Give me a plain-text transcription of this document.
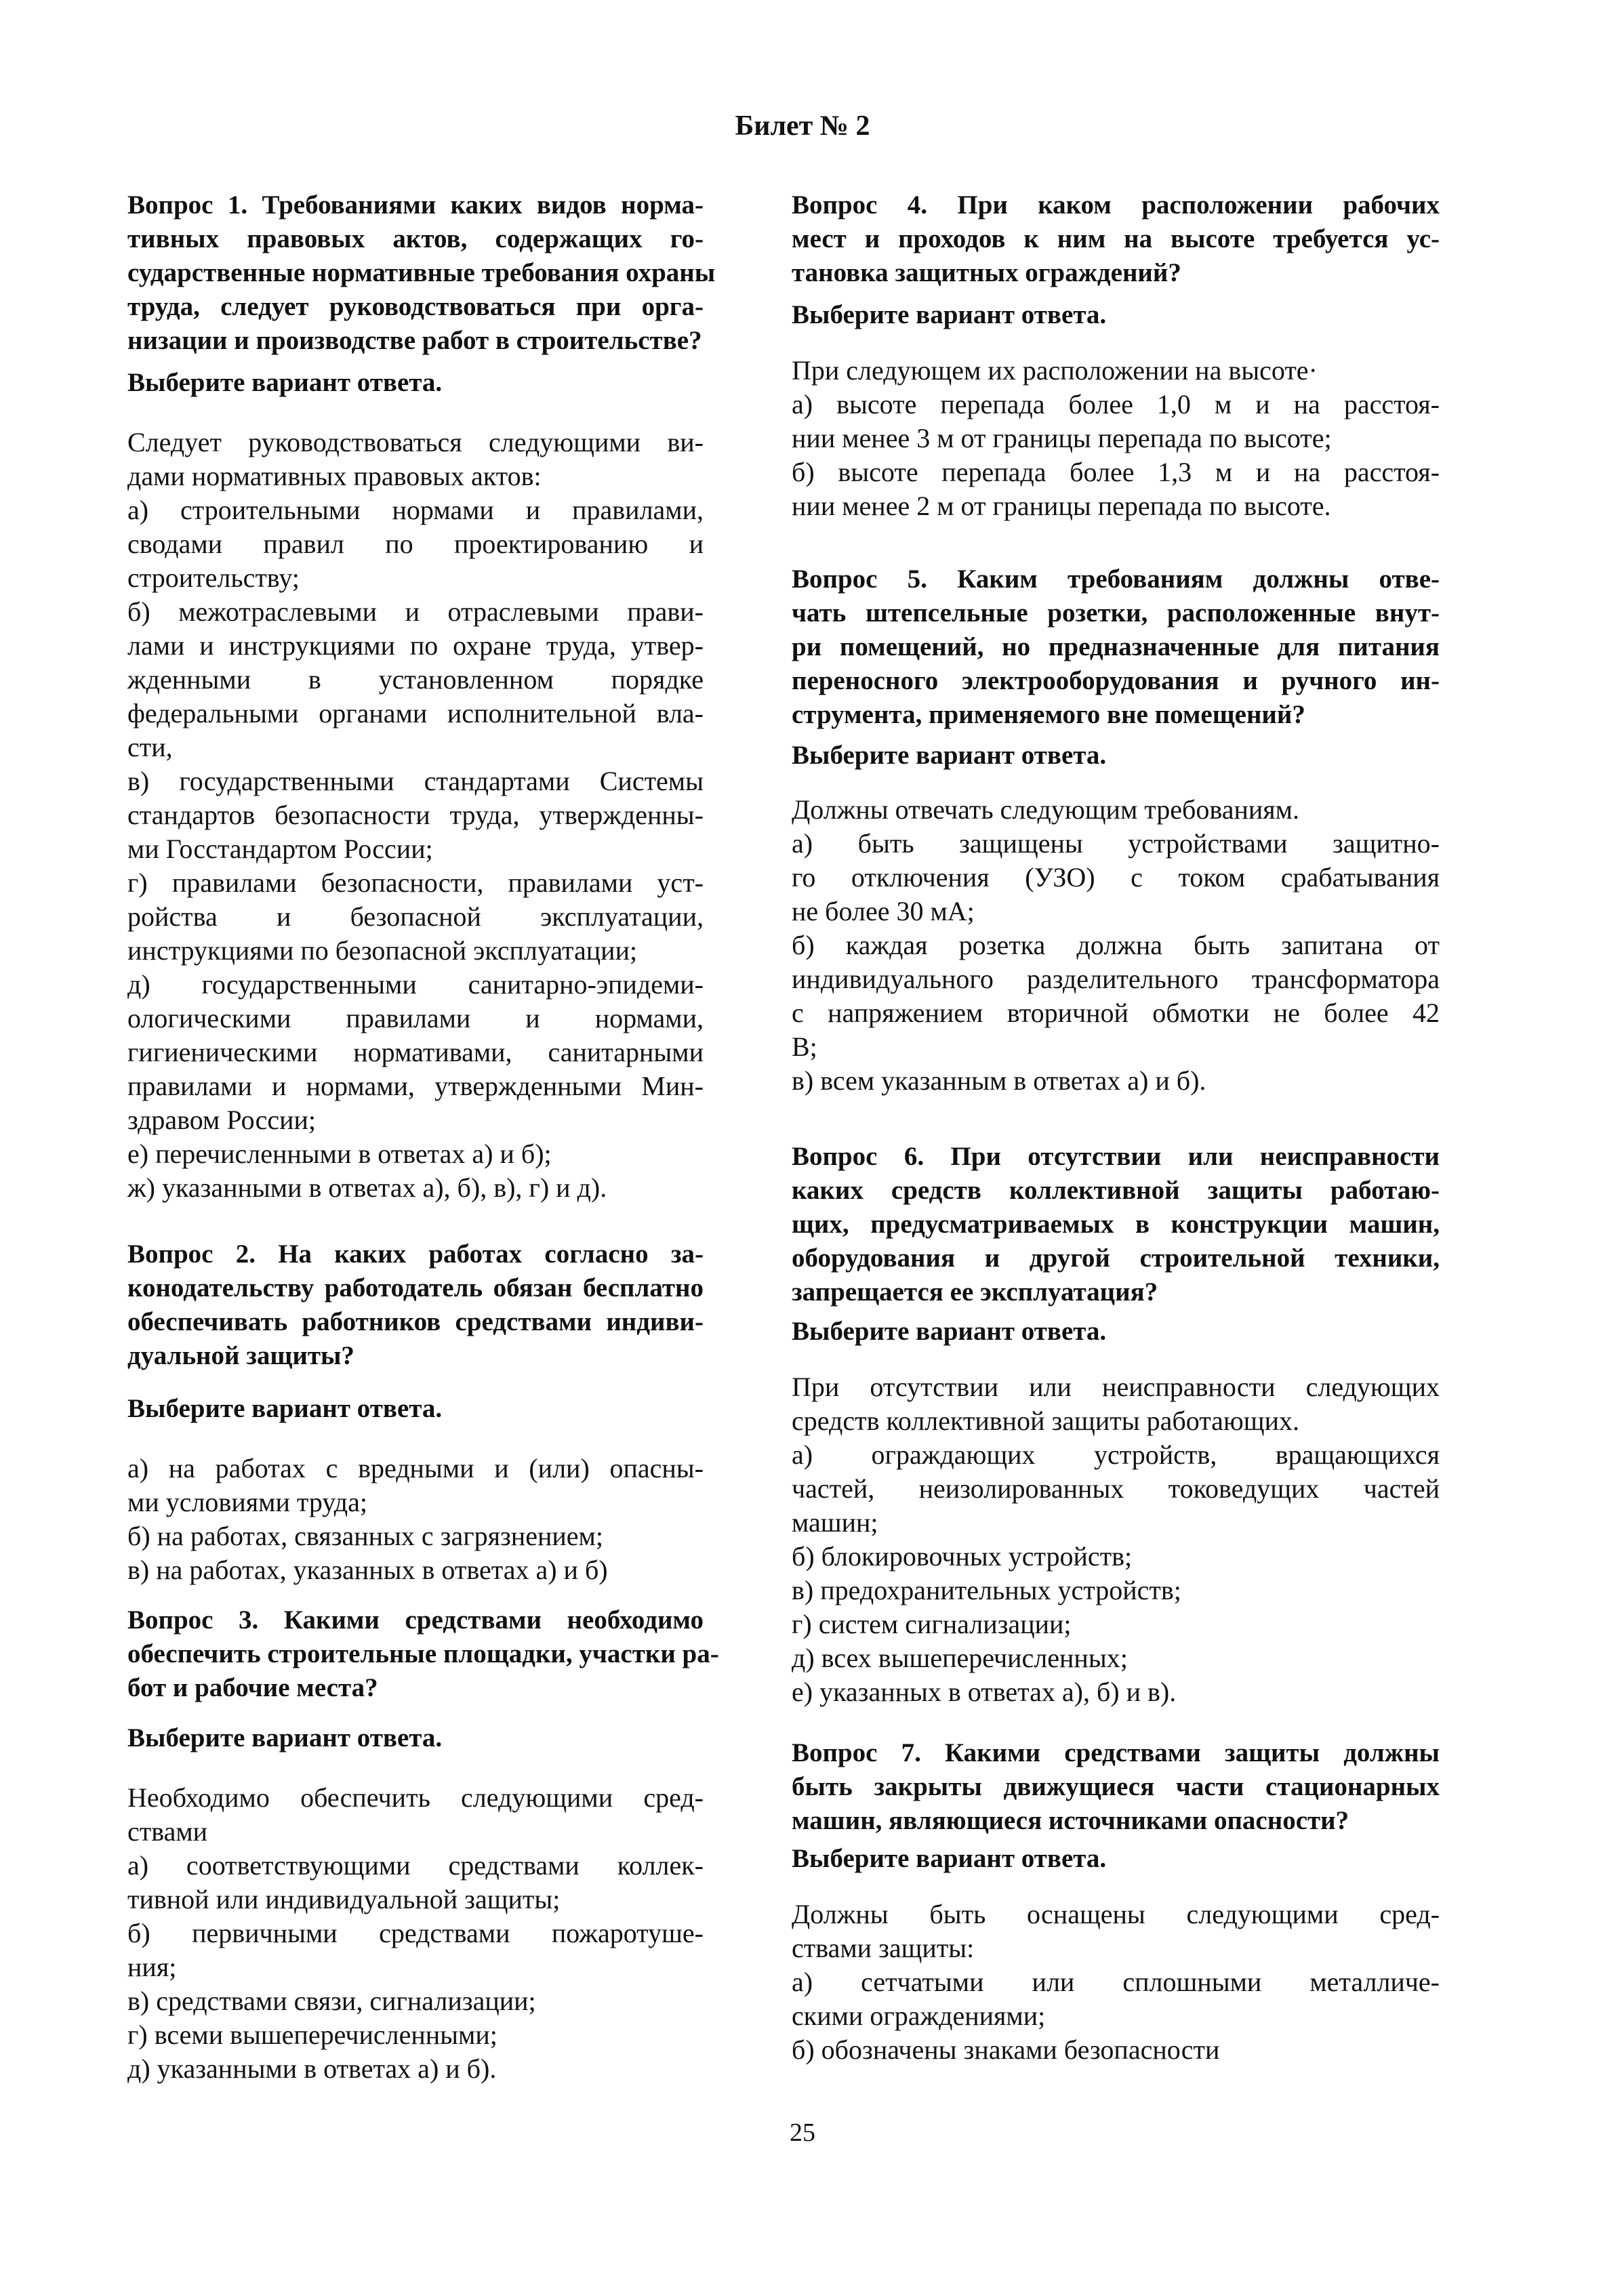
Билет № 2
Вопрос 1. Требованиями каких видов норма-
тивных правовых актов, содержащих го-
сударственные нормативные требования охраны
труда, следует руководствоваться при орга-
низации и производстве работ в строительстве?
Выберите вариант ответа.
Следует руководствоваться следующими ви-
дами нормативных правовых актов:
а) строительными нормами и правилами,
сводами правил по проектированию и
строительству;
б) межотраслевыми и отраслевыми прави-
лами и инструкциями по охране труда, утвер-
жденными в установленном порядке
федеральными органами исполнительной вла-
сти,
в) государственными стандартами Системы
стандартов безопасности труда, утвержденны-
ми Госстандартом России;
г) правилами безопасности, правилами уст-
ройства и безопасной эксплуатации,
инструкциями по безопасной эксплуатации;
д) государственными санитарно-эпидеми-
ологическими правилами и нормами,
гигиеническими нормативами, санитарными
правилами и нормами, утвержденными Мин-
здравом России;
е) перечисленными в ответах а) и б);
ж) указанными в ответах а), б), в), г) и д).
Вопрос 2. На каких работах согласно за-
конодательству работодатель обязан бесплатно
обеспечивать работников средствами индиви-
дуальной защиты?
Выберите вариант ответа.
а) на работах с вредными и (или) опасны-
ми условиями труда;
б) на работах, связанных с загрязнением;
в) на работах, указанных в ответах а) и б)
Вопрос 3. Какими средствами необходимо
обеспечить строительные площадки, участки ра-
бот и рабочие места?
Выберите вариант ответа.
Необходимо обеспечить следующими сред-
ствами
а) соответствующими средствами коллек-
тивной или индивидуальной защиты;
б) первичными средствами пожаротуше-
ния;
в) средствами связи, сигнализации;
г) всеми вышеперечисленными;
д) указанными в ответах а) и б).
Вопрос 4. При каком расположении рабочих
мест и проходов к ним на высоте требуется ус-
тановка защитных ограждений?
Выберите вариант ответа.
При следующем их расположении на высоте·
а) высоте перепада более 1,0 м и на расстоя-
нии менее 3 м от границы перепада по высоте;
б) высоте перепада более 1,3 м и на расстоя-
нии менее 2 м от границы перепада по высоте.
Вопрос 5. Каким требованиям должны отве-
чать штепсельные розетки, расположенные внут-
ри помещений, но предназначенные для питания
переносного электрооборудования и ручного ин-
струмента, применяемого вне помещений?
Выберите вариант ответа.
Должны отвечать следующим требованиям.
а) быть защищены устройствами защитно-
го отключения (УЗО) с током срабатывания
не более 30 мА;
б) каждая розетка должна быть запитана от
индивидуального разделительного трансформатора
с напряжением вторичной обмотки не более 42
В;
в) всем указанным в ответах а) и б).
Вопрос 6. При отсутствии или неисправности
каких средств коллективной защиты работаю-
щих, предусматриваемых в конструкции машин,
оборудования и другой строительной техники,
запрещается ее эксплуатация?
Выберите вариант ответа.
При отсутствии или неисправности следующих
средств коллективной защиты работающих.
а) ограждающих устройств, вращающихся
частей, неизолированных токоведущих частей
машин;
б) блокировочных устройств;
в) предохранительных устройств;
г) систем сигнализации;
д) всех вышеперечисленных;
е) указанных в ответах а), б) и в).
Вопрос 7. Какими средствами защиты должны
быть закрыты движущиеся части стационарных
машин, являющиеся источниками опасности?
Выберите вариант ответа.
Должны быть оснащены следующими сред-
ствами защиты:
а) сетчатыми или сплошными металличе-
скими ограждениями;
б) обозначены знаками безопасности
25
